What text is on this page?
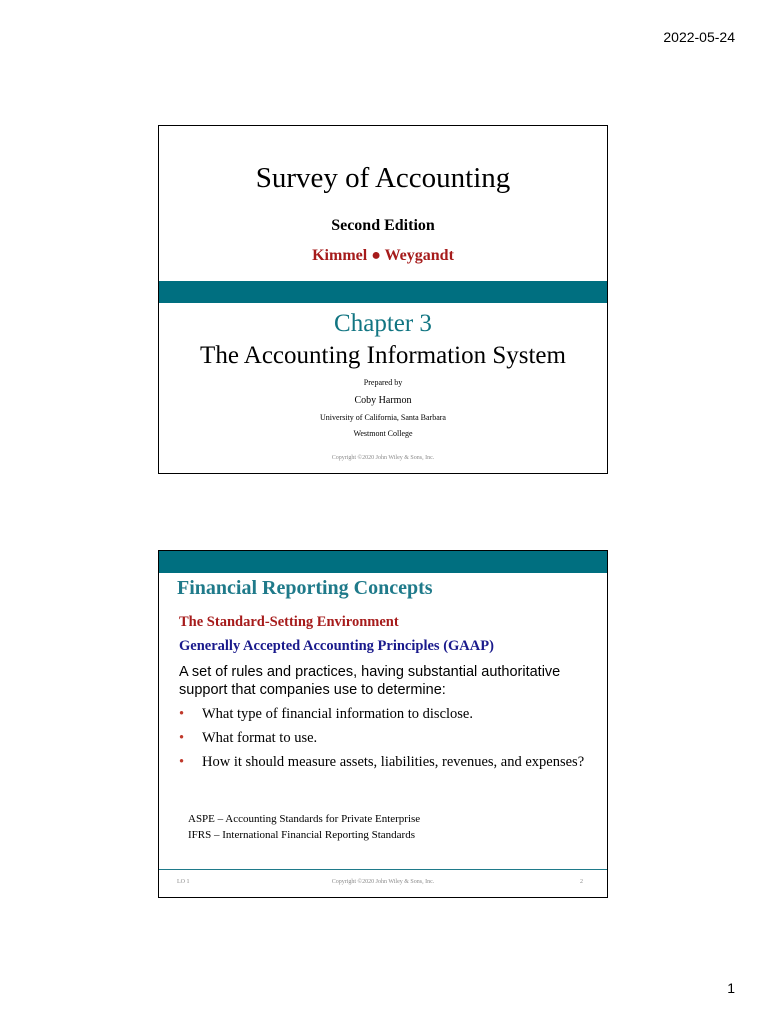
2022-05-24
Survey of Accounting
Second Edition
Kimmel ● Weygandt
Chapter 3
The Accounting Information System
Prepared by
Coby Harmon
University of California, Santa Barbara
Westmont College
Copyright ©2020 John Wiley & Sons, Inc.
Financial Reporting Concepts
The Standard-Setting Environment
Generally Accepted Accounting Principles (GAAP)
A set of rules and practices, having substantial authoritative support that companies use to determine:
• What type of financial information to disclose.
• What format to use.
• How it should measure assets, liabilities, revenues, and expenses?
ASPE – Accounting Standards for Private Enterprise
IFRS – International Financial Reporting Standards
LO 1	Copyright ©2020 John Wiley & Sons, Inc.	2
1
